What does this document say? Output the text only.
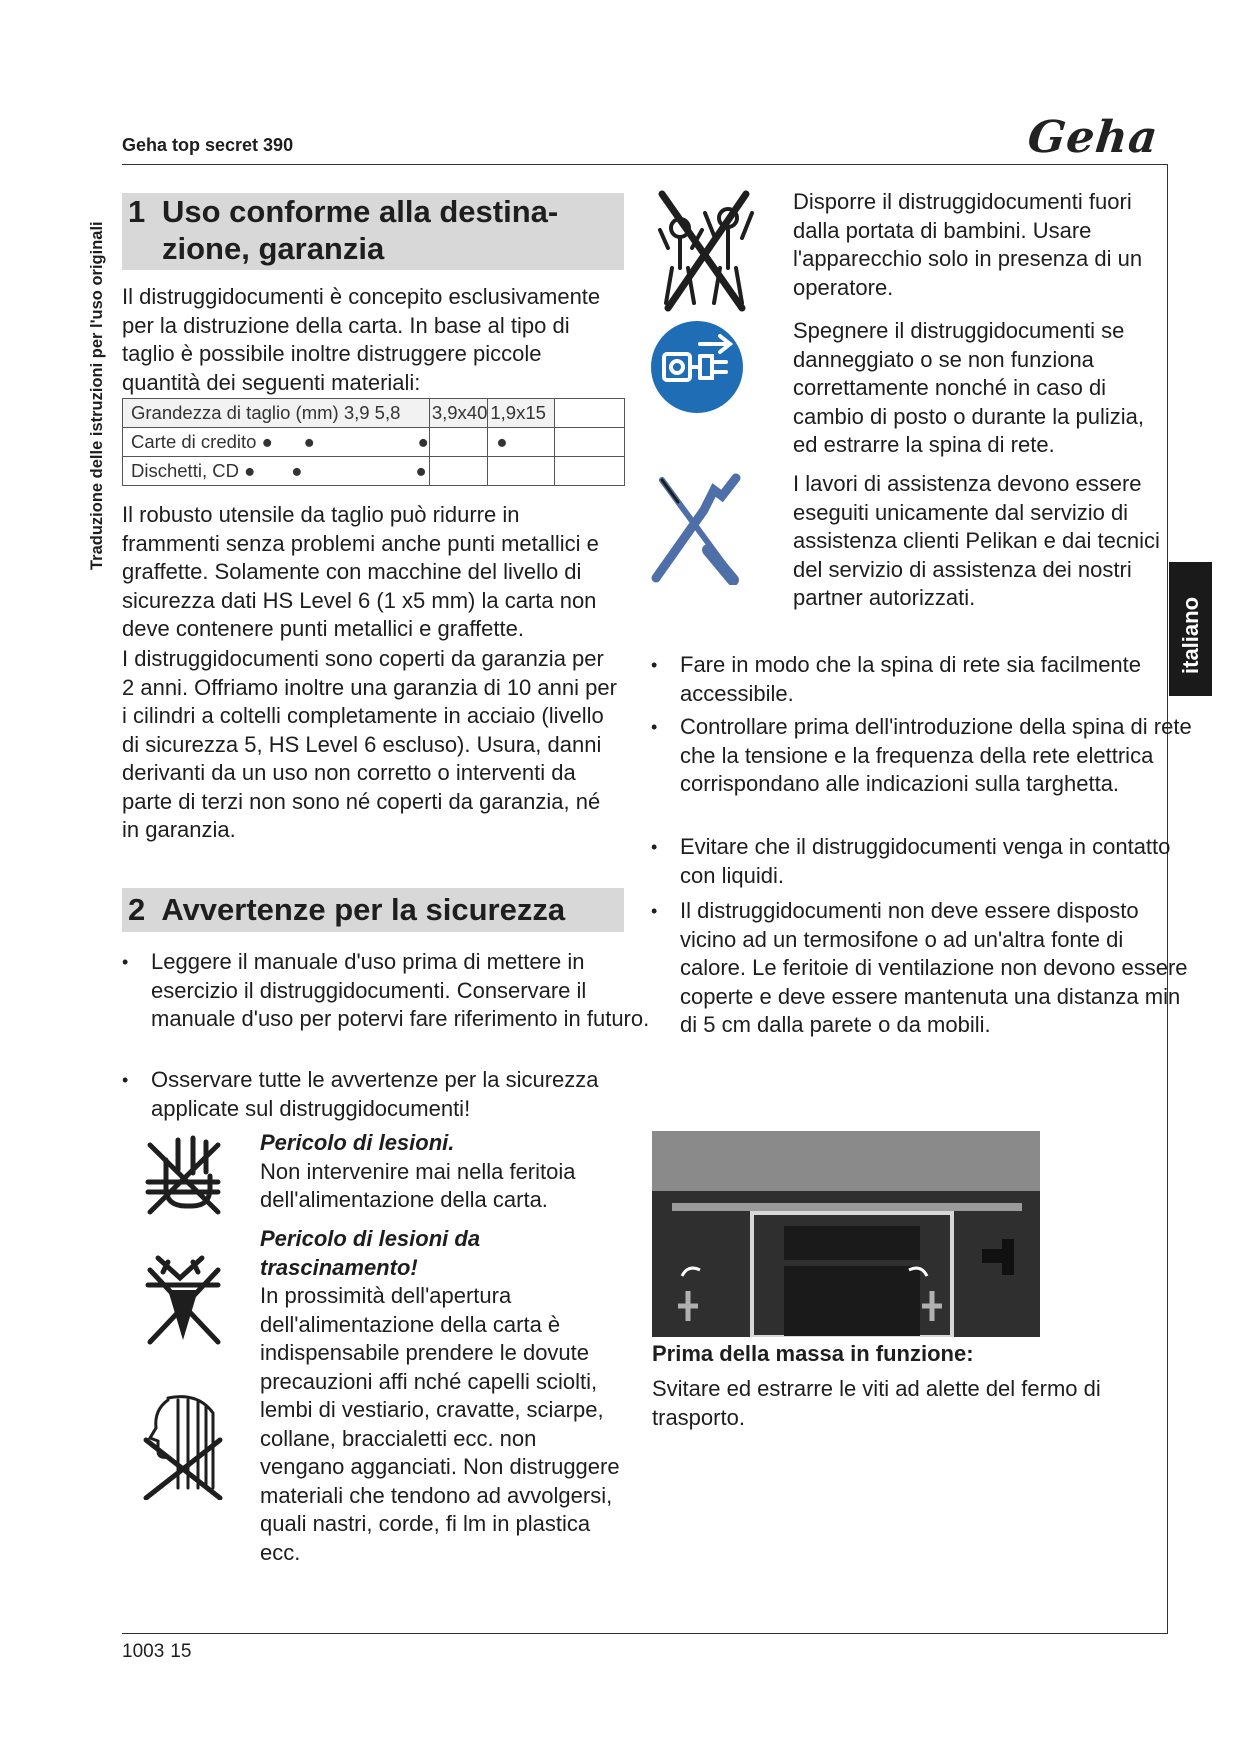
Geha top secret 390	Geha
Traduzione delle istruzioni per l'uso originali
italiano
1 Uso conforme alla destina-
zione, garanzia
Il distruggidocumenti è concepito esclusivamente per la distruzione della carta. In base al tipo di taglio è possibile inoltre distruggere piccole quantità dei seguenti materiali:
Grandezza di taglio (mm) 3,9 5,8	3,9x40	1,9x15	
Carte di credito ● ● ●		●	
Dischetti, CD ● ● ●			
Il robusto utensile da taglio può ridurre in frammenti senza problemi anche punti metallici e graffette. Solamente con macchine del livello di sicurezza dati HS Level 6 (1 x5 mm) la carta non deve contenere punti metallici e graffette.
I distruggidocumenti sono coperti da garanzia per 2 anni. Offriamo inoltre una garanzia di 10 anni per i cilindri a coltelli completamente in acciaio (livello di sicurezza 5, HS Level 6 escluso). Usura, danni derivanti da un uso non corretto o interventi da parte di terzi non sono né coperti da garanzia, né in garanzia.
2 Avvertenze per la sicurezza
• Leggere il manuale d'uso prima di mettere in esercizio il distruggidocumenti. Conservare il manuale d'uso per potervi fare riferimento in futuro.
• Osservare tutte le avvertenze per la sicurezza applicate sul distruggidocumenti!
Pericolo di lesioni.
Non intervenire mai nella feritoia dell'alimentazione della carta.
Pericolo di lesioni da trascinamento!
In prossimità dell'apertura dell'alimentazione della carta è indispensabile prendere le dovute precauzioni affi nché capelli sciolti, lembi di vestiario, cravatte, sciarpe, collane, braccialetti ecc. non vengano agganciati. Non distruggere materiali che tendono ad avvolgersi, quali nastri, corde, fi lm in plastica ecc.
Disporre il distruggidocumenti fuori dalla portata di bambini. Usare l'apparecchio solo in presenza di un operatore.
Spegnere il distruggidocumenti se danneggiato o se non funziona correttamente nonché in caso di cambio di posto o durante la pulizia, ed estrarre la spina di rete.
I lavori di assistenza devono essere eseguiti unicamente dal servizio di assistenza clienti Pelikan e dai tecnici del servizio di assistenza dei nostri partner autorizzati.
• Fare in modo che la spina di rete sia facilmente accessibile.
• Controllare prima dell'introduzione della spina di rete che la tensione e la frequenza della rete elettrica corrispondano alle indicazioni sulla targhetta.
• Evitare che il distruggidocumenti venga in contatto con liquidi.
• Il distruggidocumenti non deve essere disposto vicino ad un termosifone o ad un'altra fonte di calore. Le feritoie di ventilazione non devono essere coperte e deve essere mantenuta una distanza min di 5 cm dalla parete o da mobili.
Prima della massa in funzione:
Svitare ed estrarre le viti ad alette del fermo di trasporto.
1003 15
